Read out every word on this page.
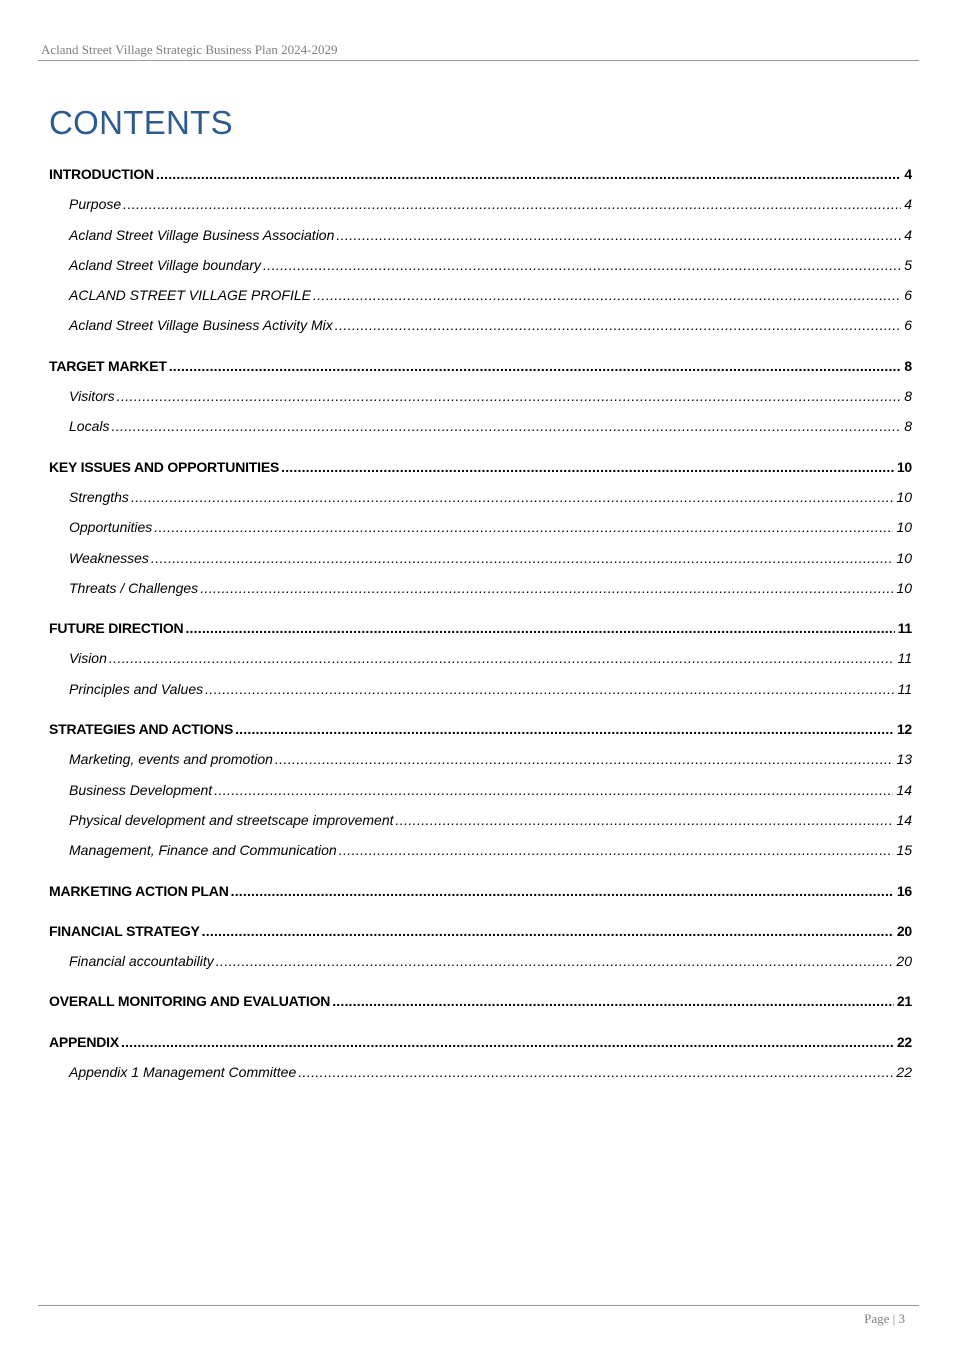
Acland Street Village Strategic Business Plan 2024-2029
CONTENTS
INTRODUCTION .....	4
Purpose .....	4
Acland Street Village Business Association .....	4
Acland Street Village boundary .....	5
ACLAND STREET VILLAGE PROFILE .....	6
Acland Street Village Business Activity Mix .....	6
TARGET MARKET .....	8
Visitors .....	8
Locals .....	8
KEY ISSUES AND OPPORTUNITIES .....	10
Strengths .....	10
Opportunities .....	10
Weaknesses .....	10
Threats / Challenges .....	10
FUTURE DIRECTION .....	11
Vision .....	11
Principles and Values .....	11
STRATEGIES AND ACTIONS .....	12
Marketing, events and promotion .....	13
Business Development .....	14
Physical development and streetscape improvement .....	14
Management, Finance and Communication .....	15
MARKETING ACTION PLAN .....	16
FINANCIAL STRATEGY .....	20
Financial accountability .....	20
OVERALL MONITORING AND EVALUATION .....	21
APPENDIX .....	22
Appendix 1 Management Committee .....	22
Page | 3
